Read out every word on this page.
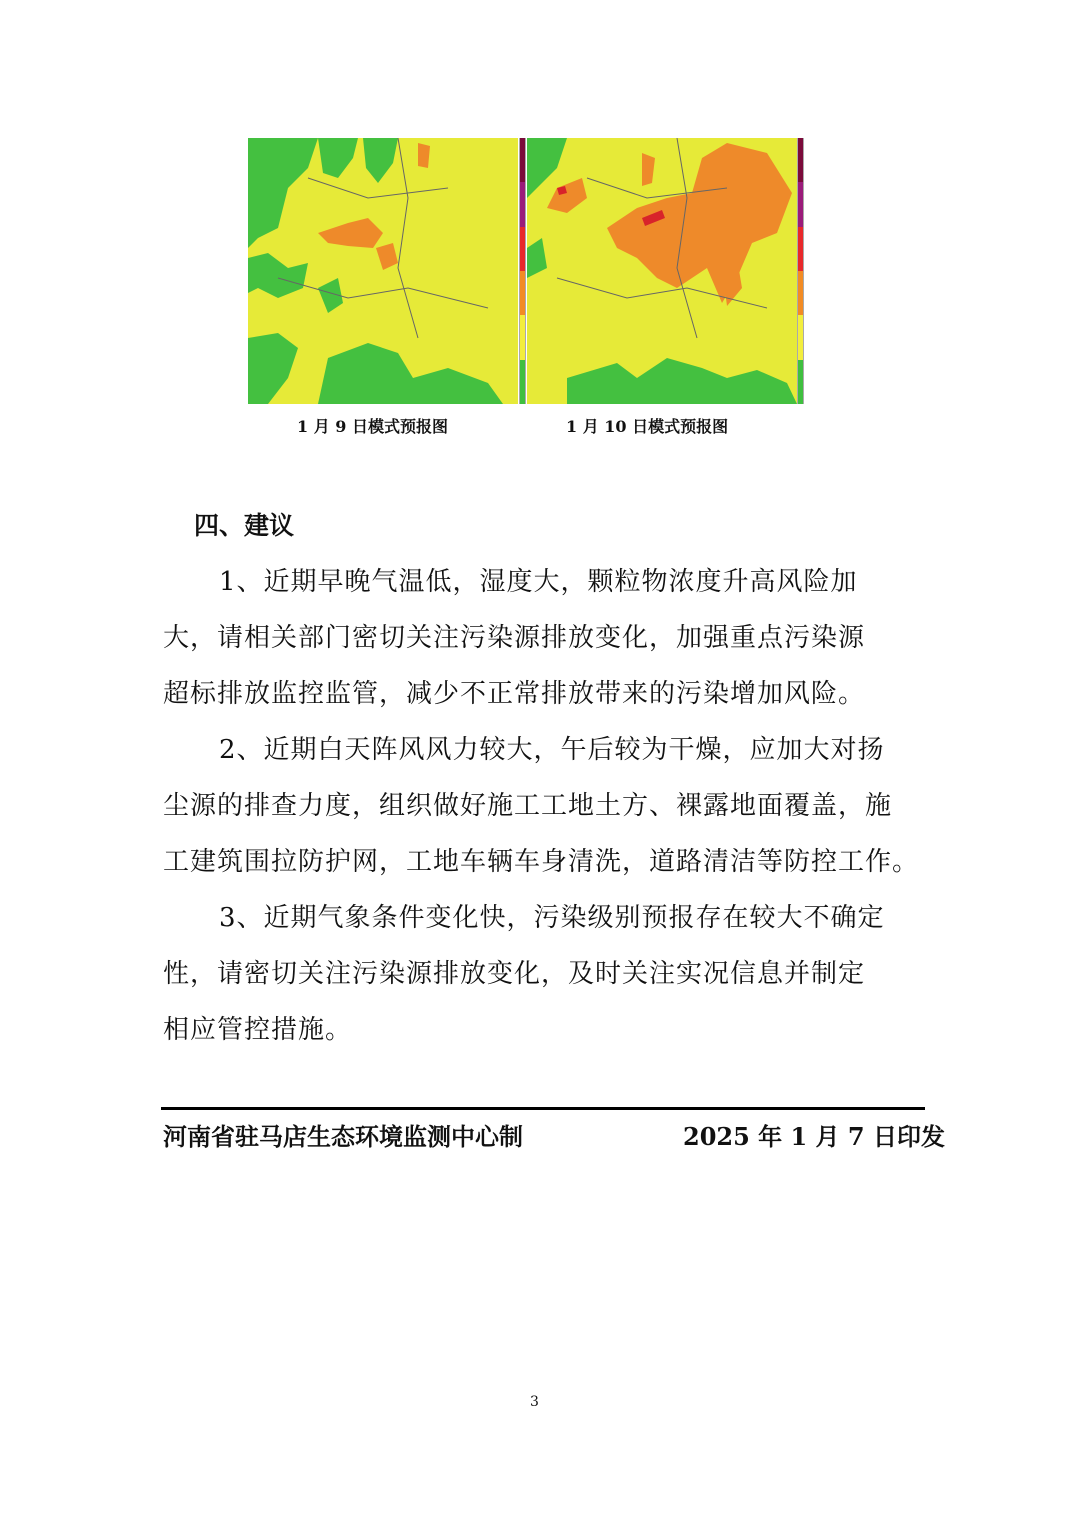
1 月 9 日模式预报图	1 月 10 日模式预报图
四、建议

1、近期早晚气温低，湿度大，颗粒物浓度升高风险加

大，请相关部门密切关注污染源排放变化，加强重点污染源

超标排放监控监管，减少不正常排放带来的污染增加风险。

2、近期白天阵风风力较大，午后较为干燥，应加大对扬

尘源的排查力度，组织做好施工工地土方、裸露地面覆盖，施

工建筑围拉防护网，工地车辆车身清洗，道路清洁等防控工作。

3、近期气象条件变化快，污染级别预报存在较大不确定

性，请密切关注污染源排放变化，及时关注实况信息并制定

相应管控措施。

河南省驻马店生态环境监测中心制	2025 年 1 月 7 日印发
3
